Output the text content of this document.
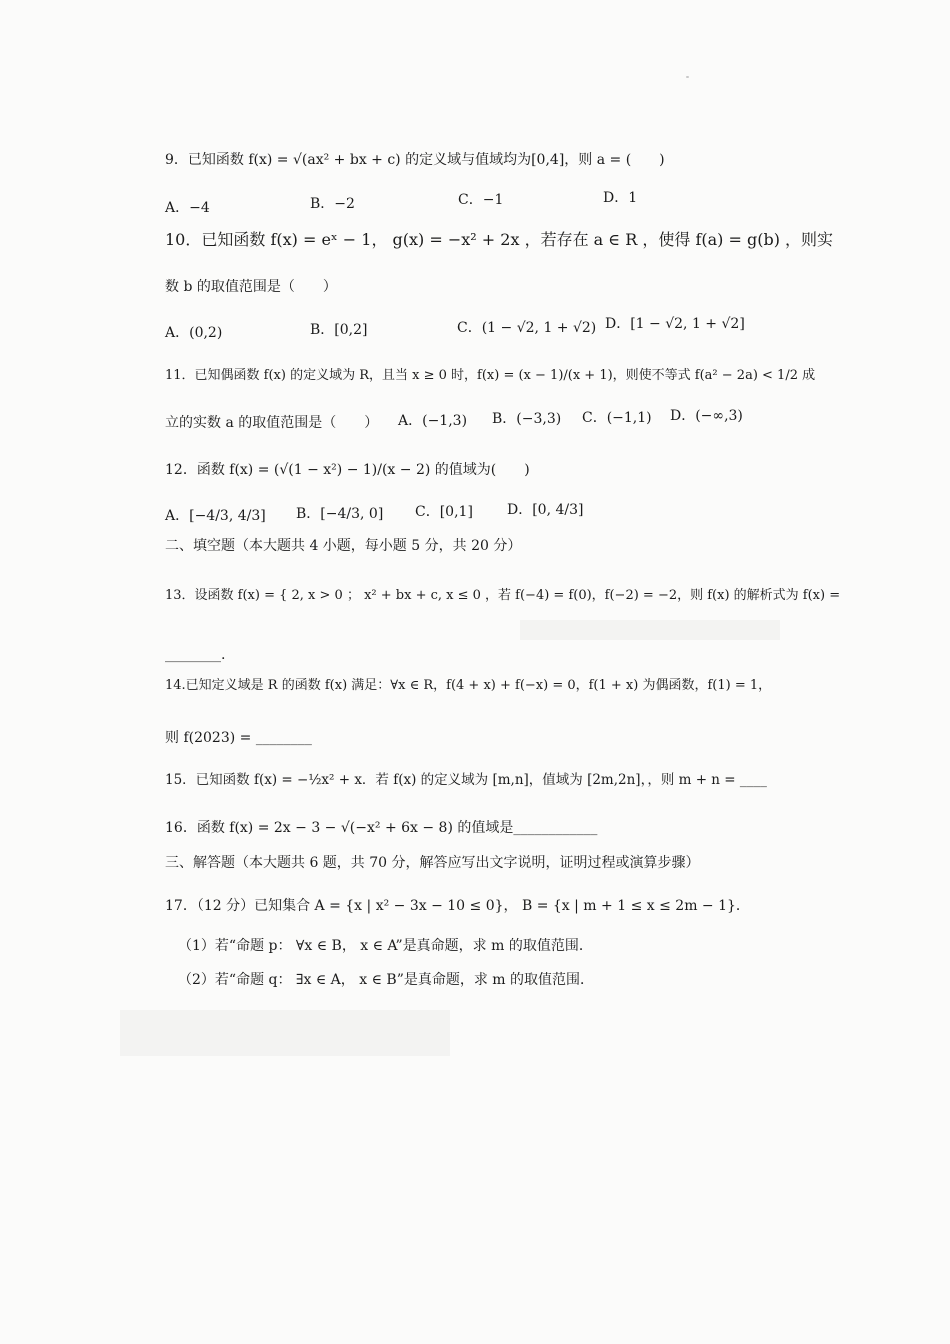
9．已知函数 f(x) = √(ax² + bx + c) 的定义域与值域均为[0,4]，则 a = (　　)
A．−4	B．−2	C．−1	D．1
10．已知函数 f(x) = eˣ − 1， g(x) = −x² + 2x ，若存在 a ∈ R ，使得 f(a) = g(b) ，则实
数 b 的取值范围是（　　）
A．(0,2)	B．[0,2]	C．(1 − √2, 1 + √2) D．[1 − √2, 1 + √2]
11．已知偶函数 f(x) 的定义域为 R，且当 x ≥ 0 时，f(x) = (x − 1)/(x + 1)，则使不等式 f(a² − 2a) < 1/2 成
立的实数 a 的取值范围是（　　） A．(−1,3) B．(−3,3) C．(−1,1) D．(−∞,3)
12．函数 f(x) = (√(1 − x²) − 1)/(x − 2) 的值域为(　　)
A．[−4/3, 4/3] B．[−4/3, 0] C．[0,1] D．[0, 4/3]
二、填空题（本大题共 4 小题，每小题 5 分，共 20 分）
13．设函数 f(x) = { 2, x > 0 ； x² + bx + c, x ≤ 0 ，若 f(−4) = f(0)，f(−2) = −2，则 f(x) 的解析式为 f(x) =
________.
14.已知定义域是 R 的函数 f(x) 满足：∀x ∈ R，f(4 + x) + f(−x) = 0，f(1 + x) 为偶函数，f(1) = 1，
则 f(2023) = ________
15．已知函数 f(x) = −½x² + x．若 f(x) 的定义域为 [m,n]，值域为 [2m,2n]，，则 m + n = ____
16．函数 f(x) = 2x − 3 − √(−x² + 6x − 8) 的值域是____________
三、解答题（本大题共 6 题，共 70 分，解答应写出文字说明，证明过程或演算步骤）
17．（12 分）已知集合 A = {x | x² − 3x − 10 ≤ 0}， B = {x | m + 1 ≤ x ≤ 2m − 1}．
（1）若“命题 p： ∀x ∈ B， x ∈ A”是真命题，求 m 的取值范围．
（2）若“命题 q： ∃x ∈ A， x ∈ B”是真命题，求 m 的取值范围．
